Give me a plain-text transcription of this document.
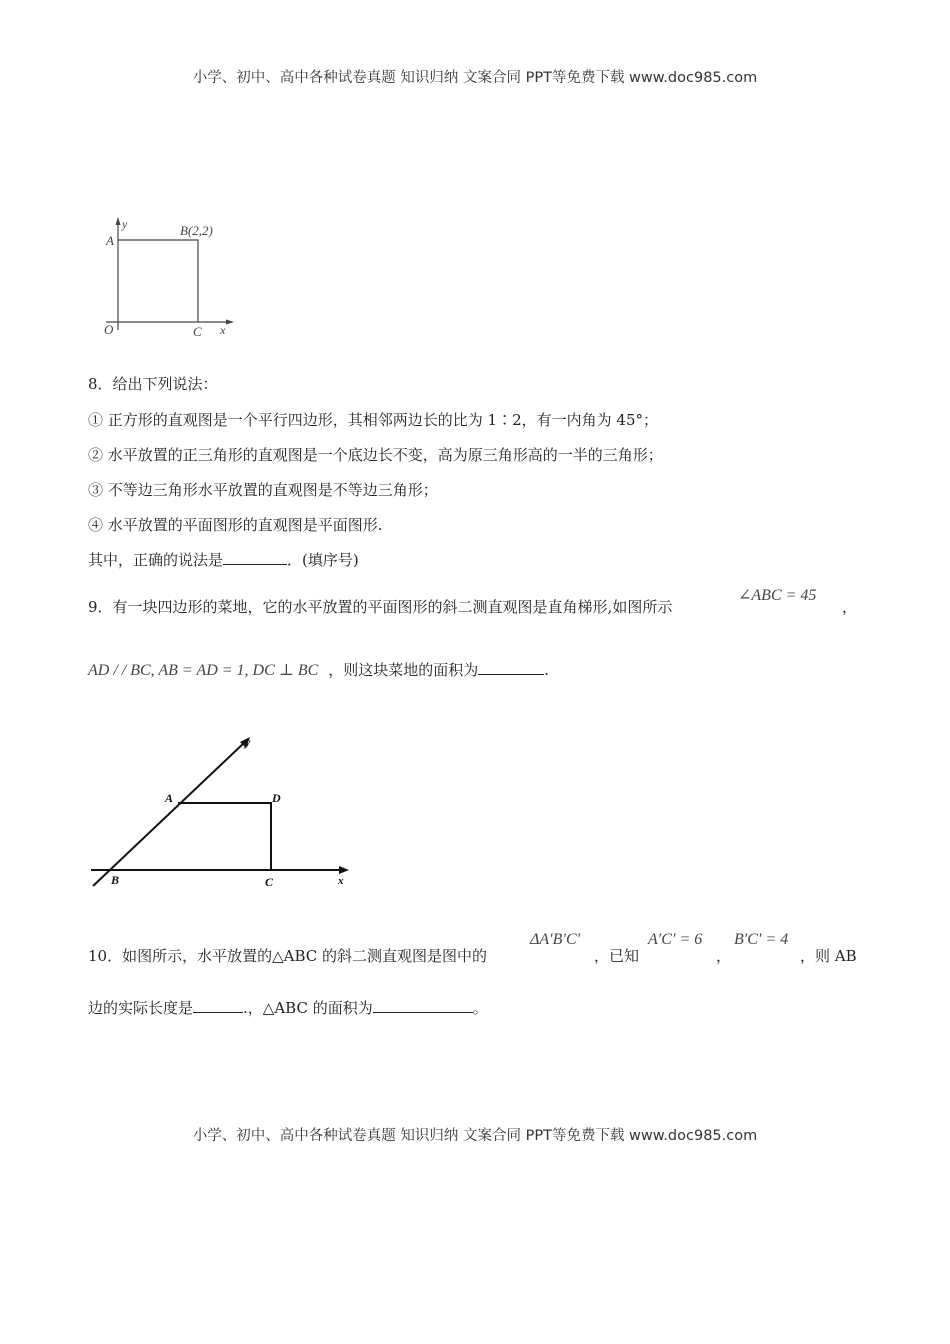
小学、初中、高中各种试卷真题 知识归纳 文案合同 PPT等免费下载 www.doc985.com
y
A
B(2,2)
O	C x
8．给出下列说法：
① 正方形的直观图是一个平行四边形，其相邻两边长的比为 1∶2，有一内角为 45°；
② 水平放置的正三角形的直观图是一个底边长不变，高为原三角形高的一半的三角形；
③ 不等边三角形水平放置的直观图是不等边三角形；
④ 水平放置的平面图形的直观图是平面图形.
其中，正确的说法是	．(填序号)
9．有一块四边形的菜地，它的水平放置的平面图形的斜二测直观图是直角梯形,如图所示
∠ABC = 45
，
AD / / BC, AB = AD = 1, DC ⊥ BC ，则这块菜地的面积为	.
y
A	D
B	C	x
10．如图所示，水平放置的△ABC 的斜二测直观图是图中的
ΔA′B′C′
，已知
A′C′ = 6
，
B′C′ = 4
，则 AB
边的实际长度是	.，△ABC 的面积为	。
小学、初中、高中各种试卷真题 知识归纳 文案合同 PPT等免费下载 www.doc985.com
